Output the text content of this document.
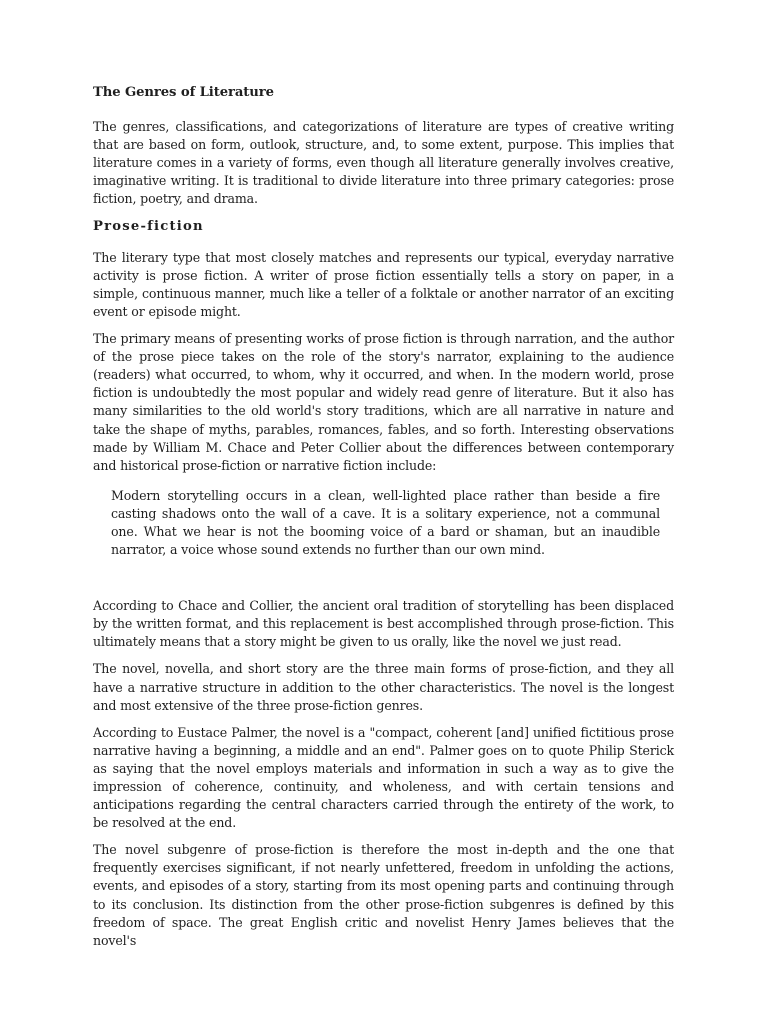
The Genres of Literature

The genres, classifications, and categorizations of literature are types of creative writing that are based on form, outlook, structure, and, to some extent, purpose. This implies that literature comes in a variety of forms, even though all literature generally involves creative, imaginative writing. It is traditional to divide literature into three primary categories: prose fiction, poetry, and drama.

Prose-fiction

The literary type that most closely matches and represents our typical, everyday narrative activity is prose fiction. A writer of prose fiction essentially tells a story on paper, in a simple, continuous manner, much like a teller of a folktale or another narrator of an exciting event or episode might.

The primary means of presenting works of prose fiction is through narration, and the author of the prose piece takes on the role of the story's narrator, explaining to the audience (readers) what occurred, to whom, why it occurred, and when. In the modern world, prose fiction is undoubtedly the most popular and widely read genre of literature. But it also has many similarities to the old world's story traditions, which are all narrative in nature and take the shape of myths, parables, romances, fables, and so forth. Interesting observations made by William M. Chace and Peter Collier about the differences between contemporary and historical prose-fiction or narrative fiction include:

Modern storytelling occurs in a clean, well-lighted place rather than beside a fire casting shadows onto the wall of a cave. It is a solitary experience, not a communal one. What we hear is not the booming voice of a bard or shaman, but an inaudible narrator, a voice whose sound extends no further than our own mind.

According to Chace and Collier, the ancient oral tradition of storytelling has been displaced by the written format, and this replacement is best accomplished through prose-fiction. This ultimately means that a story might be given to us orally, like the novel we just read.

The novel, novella, and short story are the three main forms of prose-fiction, and they all have a narrative structure in addition to the other characteristics. The novel is the longest and most extensive of the three prose-fiction genres.

According to Eustace Palmer, the novel is a "compact, coherent [and] unified fictitious prose narrative having a beginning, a middle and an end". Palmer goes on to quote Philip Sterick as saying that the novel employs materials and information in such a way as to give the impression of coherence, continuity, and wholeness, and with certain tensions and anticipations regarding the central characters carried through the entirety of the work, to be resolved at the end.

The novel subgenre of prose-fiction is therefore the most in-depth and the one that frequently exercises significant, if not nearly unfettered, freedom in unfolding the actions, events, and episodes of a story, starting from its most opening parts and continuing through to its conclusion. Its distinction from the other prose-fiction subgenres is defined by this freedom of space. The great English critic and novelist Henry James believes that the novel's
